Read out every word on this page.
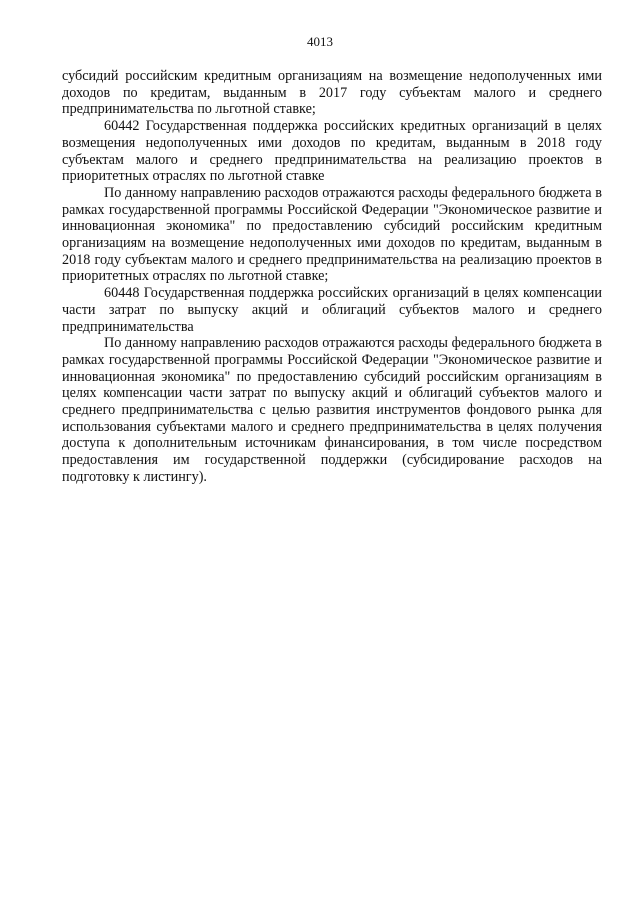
4013

субсидий российским кредитным организациям на возмещение недополученных ими доходов по кредитам, выданным в 2017 году субъектам малого и среднего предпринимательства по льготной ставке;

60442 Государственная поддержка российских кредитных организаций в целях возмещения недополученных ими доходов по кредитам, выданным в 2018 году субъектам малого и среднего предпринимательства на реализацию проектов в приоритетных отраслях по льготной ставке

По данному направлению расходов отражаются расходы федерального бюджета в рамках государственной программы Российской Федерации "Экономическое развитие и инновационная экономика" по предоставлению субсидий российским кредитным организациям на возмещение недополученных ими доходов по кредитам, выданным в 2018 году субъектам малого и среднего предпринимательства на реализацию проектов в приоритетных отраслях по льготной ставке;

60448 Государственная поддержка российских организаций в целях компенсации части затрат по выпуску акций и облигаций субъектов малого и среднего предпринимательства

По данному направлению расходов отражаются расходы федерального бюджета в рамках государственной программы Российской Федерации "Экономическое развитие и инновационная экономика" по предоставлению субсидий российским организациям в целях компенсации части затрат по выпуску акций и облигаций субъектов малого и среднего предпринимательства с целью развития инструментов фондового рынка для использования субъектами малого и среднего предпринимательства в целях получения доступа к дополнительным источникам финансирования, в том числе посредством предоставления им государственной поддержки (субсидирование расходов на подготовку к листингу).
